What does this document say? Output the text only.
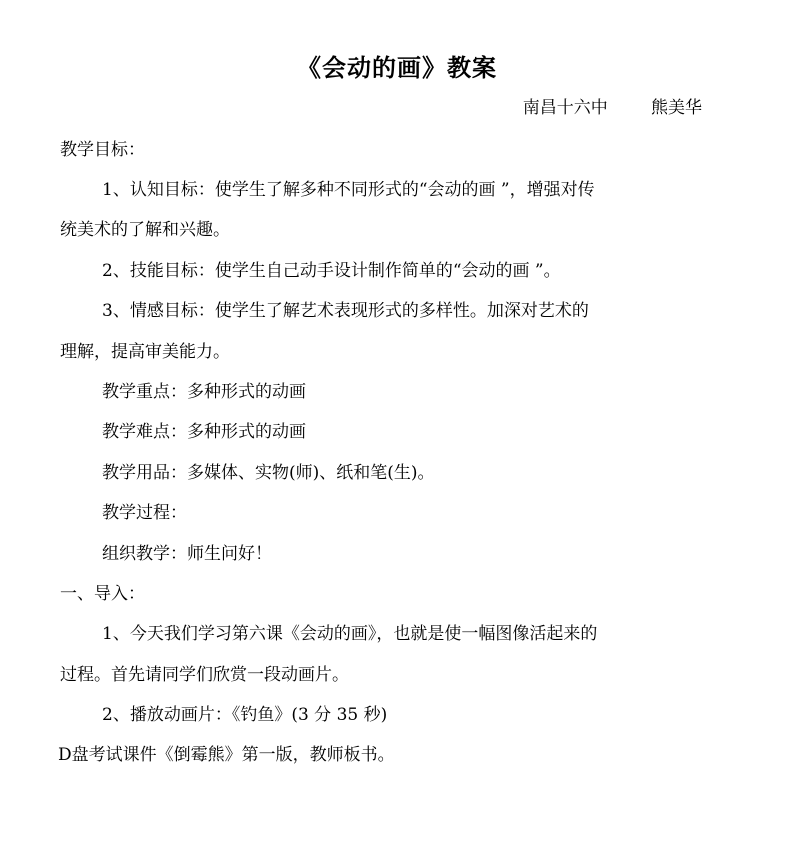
《会动的画》教案
南昌十六中        熊美华
教学目标：
1、认知目标：使学生了解多种不同形式的“会动的画 ”，增强对传
统美术的了解和兴趣。
2、技能目标：使学生自己动手设计制作简单的“会动的画 ”。
3、情感目标：使学生了解艺术表现形式的多样性。加深对艺术的
理解，提高审美能力。
教学重点：多种形式的动画
教学难点：多种形式的动画
教学用品：多媒体、实物(师)、纸和笔(生)。
教学过程：
组织教学：师生问好！
一、导入：
1、今天我们学习第六课《会动的画》，也就是使一幅图像活起来的
过程。首先请同学们欣赏一段动画片。
2、播放动画片：《钓鱼》(3 分 35 秒)
D盘考试课件《倒霉熊》第一版，教师板书。
